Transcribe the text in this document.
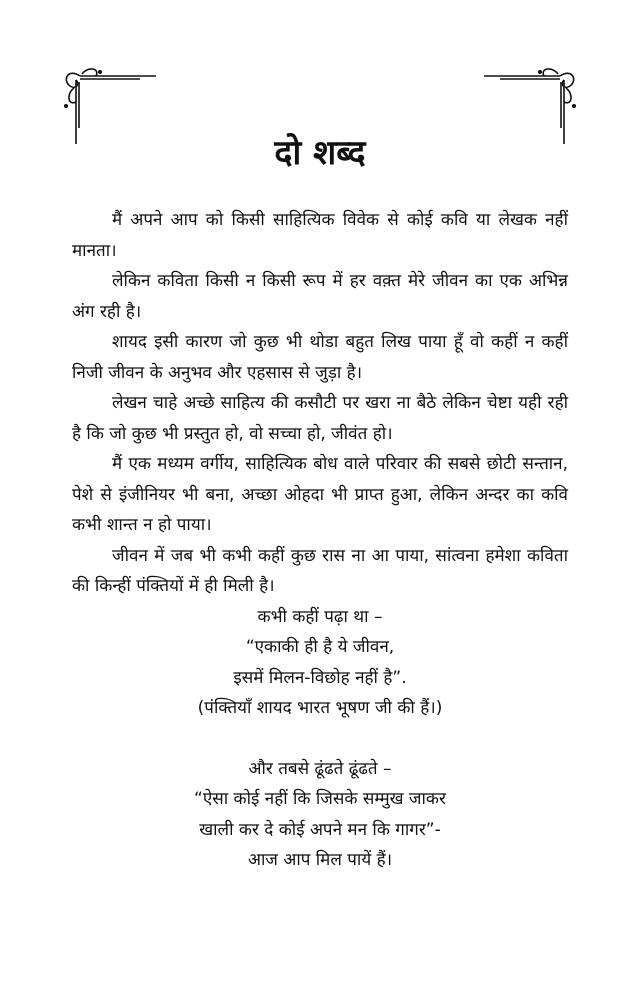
दो शब्द

मैं अपने आप को किसी साहित्यिक विवेक से कोई कवि या लेखक नहीं मानता।

लेकिन कविता किसी न किसी रूप में हर वक़्त मेरे जीवन का एक अभिन्न अंग रही है।

शायद इसी कारण जो कुछ भी थोडा बहुत लिख पाया हूँ वो कहीं न कहीं निजी जीवन के अनुभव और एहसास से जुड़ा है।

लेखन चाहे अच्छे साहित्य की कसौटी पर खरा ना बैठे लेकिन चेष्टा यही रही है कि जो कुछ भी प्रस्तुत हो, वो सच्चा हो, जीवंत हो।

मैं एक मध्यम वर्गीय, साहित्यिक बोध वाले परिवार की सबसे छोटी सन्तान, पेशे से इंजीनियर भी बना, अच्छा ओहदा भी प्राप्त हुआ, लेकिन अन्दर का कवि कभी शान्त न हो पाया।

जीवन में जब भी कभी कहीं कुछ रास ना आ पाया, सांत्वना हमेशा कविता की किन्हीं पंक्तियों में ही मिली है।

कभी कहीं पढ़ा था –

“एकाकी ही है ये जीवन,

इसमें मिलन-विछोह नहीं है”.

(पंक्तियाँ शायद भारत भूषण जी की हैं।)

और तबसे ढूंढते ढूंढते –

“ऐसा कोई नहीं कि जिसके सम्मुख जाकर

खाली कर दे कोई अपने मन कि गागर”-

आज आप मिल पायें हैं।
